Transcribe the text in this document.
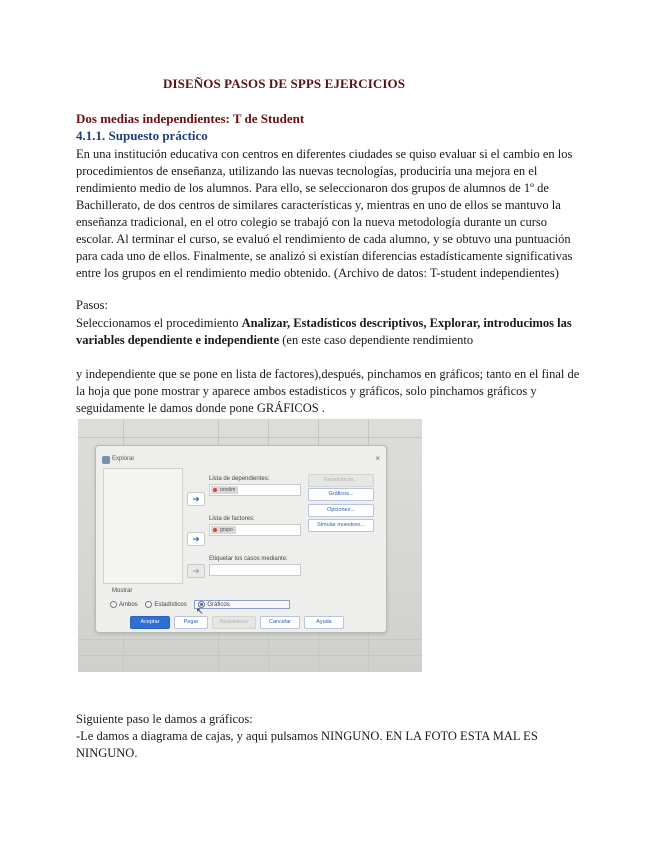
DISEÑOS PASOS DE SPPS EJERCICIOS
Dos medias independientes: T de Student
4.1.1. Supuesto práctico

En una institución educativa con centros en diferentes ciudades se quiso evaluar si el cambio en los procedimientos de enseñanza, utilizando las nuevas tecnologías, produciría una mejora en el rendimiento medio de los alumnos. Para ello, se seleccionaron dos grupos de alumnos de 1º de Bachillerato, de dos centros de similares características y, mientras en uno de ellos se mantuvo la enseñanza tradicional, en el otro colegio se trabajó con la nueva metodología durante un curso escolar. Al terminar el curso, se evaluó el rendimiento de cada alumno, y se obtuvo una puntuación para cada uno de ellos. Finalmente, se analizó si existían diferencias estadísticamente significativas entre los grupos en el rendimiento medio obtenido. (Archivo de datos: T-student independientes)

Pasos:

Seleccionamos el procedimiento Analizar, Estadísticos descriptivos, Explorar, introducimos las variables dependiente e independiente (en este caso dependiente rendimiento

y independiente que se pone en lista de factores),después, pinchamos en gráficos; tanto en el final de la hoja que pone mostrar y aparece ambos estadisticos y gráficos, solo pinchamos gráficos y seguidamente le damos donde pone GRÁFICOS .

Explorar	×
➜
➜
➜
Lista de dependientes:
rendim
Lista de factores:
grupo
Etiquetar los casos mediante:
Estadísticos...
Gráficos...
Opciones...
Simular muestreo...
Mostrar
Ambos	Estadísticos	Gráficos
↖
Aceptar	Pegar	Restablecer	Cancelar	Ayuda

Siguiente paso le damos a gráficos:

-Le damos a diagrama de cajas, y aqui pulsamos NINGUNO. EN LA FOTO ESTA MAL ES NINGUNO.
